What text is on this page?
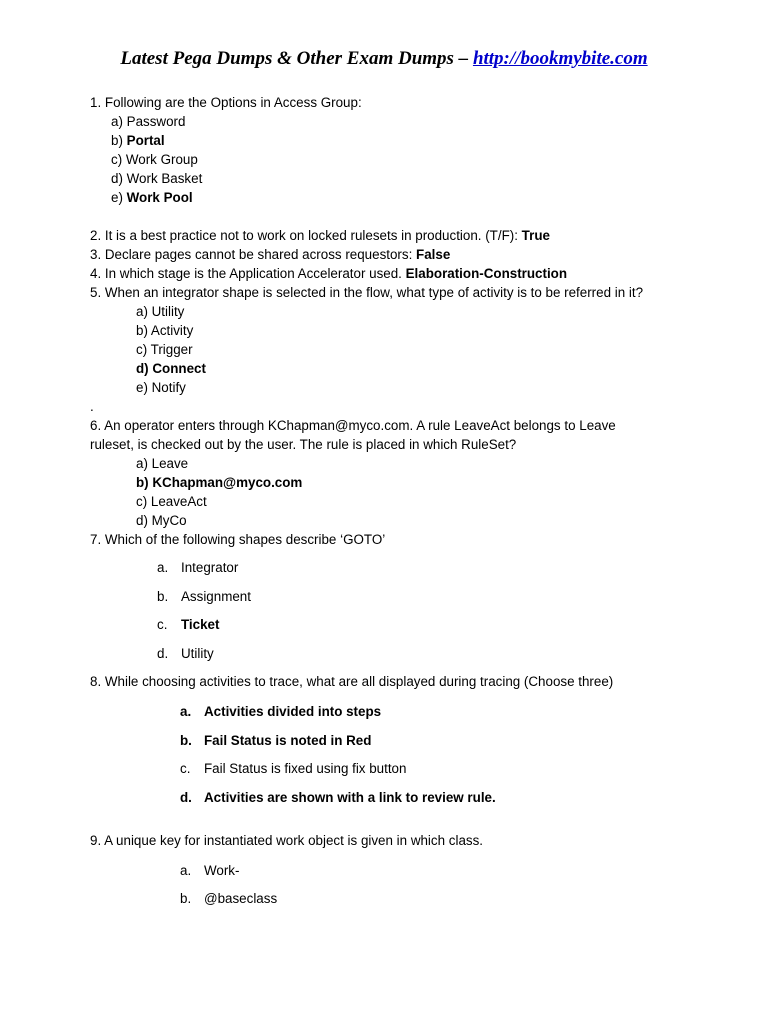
Latest Pega Dumps & Other Exam Dumps – http://bookmybite.com
1. Following are the Options in Access Group:
a) Password
b) Portal
c) Work Group
d) Work Basket
e) Work Pool
2. It is a best practice not to work on locked rulesets in production. (T/F): True
3. Declare pages cannot be shared across requestors: False
4. In which stage is the Application Accelerator used. Elaboration-Construction
5. When an integrator shape is selected in the flow, what type of activity is to be referred in it?
a) Utility
b) Activity
c) Trigger
d) Connect
e) Notify
.
6. An operator enters through KChapman@myco.com. A rule LeaveAct belongs to Leave
ruleset, is checked out by the user. The rule is placed in which RuleSet?
a) Leave
b) KChapman@myco.com
c) LeaveAct
d) MyCo
7. Which of the following shapes describe ‘GOTO’
a. Integrator
b. Assignment
c. Ticket
d. Utility
8. While choosing activities to trace, what are all displayed during tracing (Choose three)
a. Activities divided into steps
b. Fail Status is noted in Red
c. Fail Status is fixed using fix button
d. Activities are shown with a link to review rule.
9. A unique key for instantiated work object is given in which class.
a. Work-
b. @baseclass
